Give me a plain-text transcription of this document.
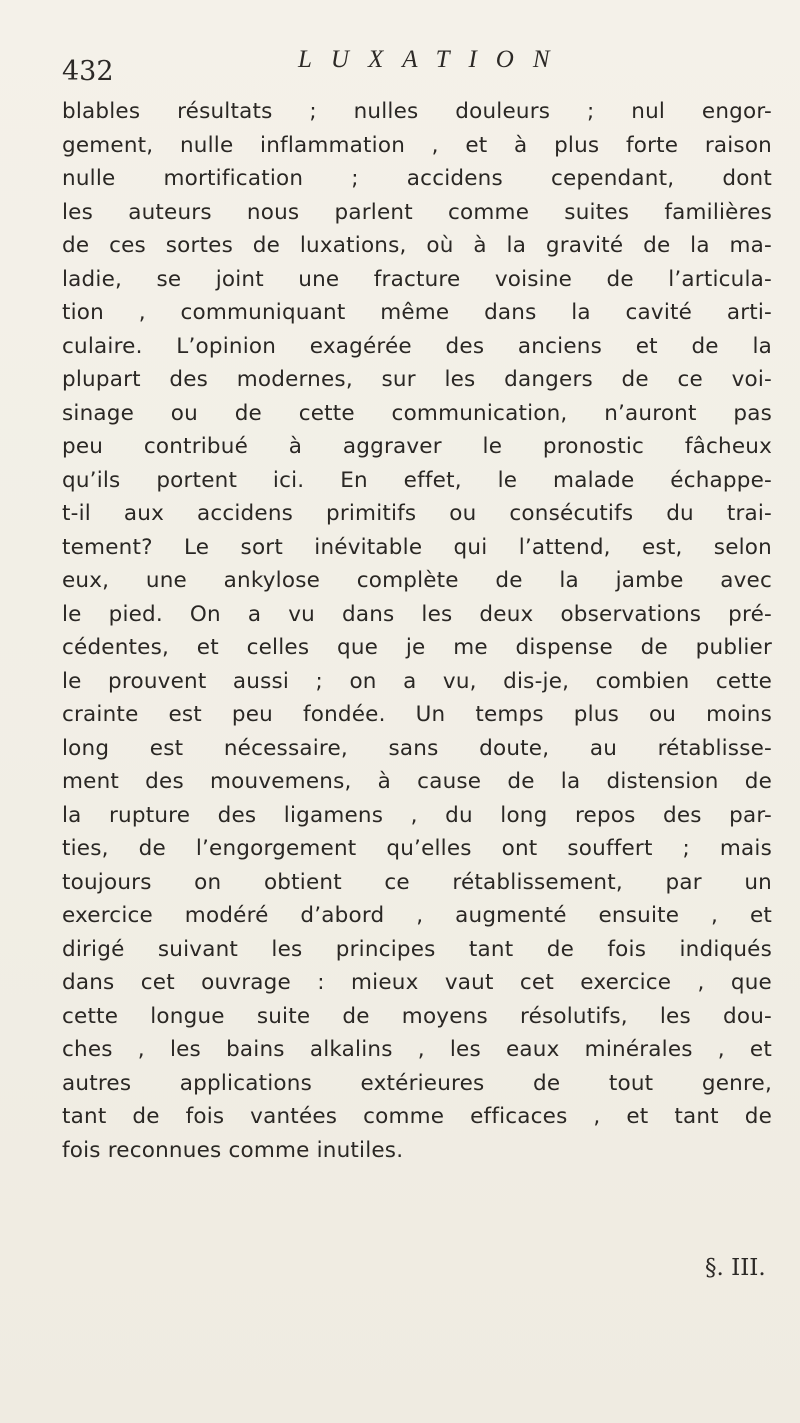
432	LUXATION
blables résultats ; nulles douleurs ; nul engor-
gement, nulle inflammation , et à plus forte raison
nulle mortification ; accidens cependant, dont
les auteurs nous parlent comme suites familières
de ces sortes de luxations, où à la gravité de la ma-
ladie, se joint une fracture voisine de l’articula-
tion , communiquant même dans la cavité arti-
culaire. L’opinion exagérée des anciens et de la
plupart des modernes, sur les dangers de ce voi-
sinage ou de cette communication, n’auront pas
peu contribué à aggraver le pronostic fâcheux
qu’ils portent ici. En effet, le malade échappe-
t-il aux accidens primitifs ou consécutifs du trai-
tement? Le sort inévitable qui l’attend, est, selon
eux, une ankylose complète de la jambe avec
le pied. On a vu dans les deux observations pré-
cédentes, et celles que je me dispense de publier
le prouvent aussi ; on a vu, dis-je, combien cette
crainte est peu fondée. Un temps plus ou moins
long est nécessaire, sans doute, au rétablisse-
ment des mouvemens, à cause de la distension de
la rupture des ligamens , du long repos des par-
ties, de l’engorgement qu’elles ont souffert ; mais
toujours on obtient ce rétablissement, par un
exercice modéré d’abord , augmenté ensuite , et
dirigé suivant les principes tant de fois indiqués
dans cet ouvrage : mieux vaut cet exercice , que
cette longue suite de moyens résolutifs, les dou-
ches , les bains alkalins , les eaux minérales , et
autres applications extérieures de tout genre,
tant de fois vantées comme efficaces , et tant de
fois reconnues comme inutiles.
§. III.
